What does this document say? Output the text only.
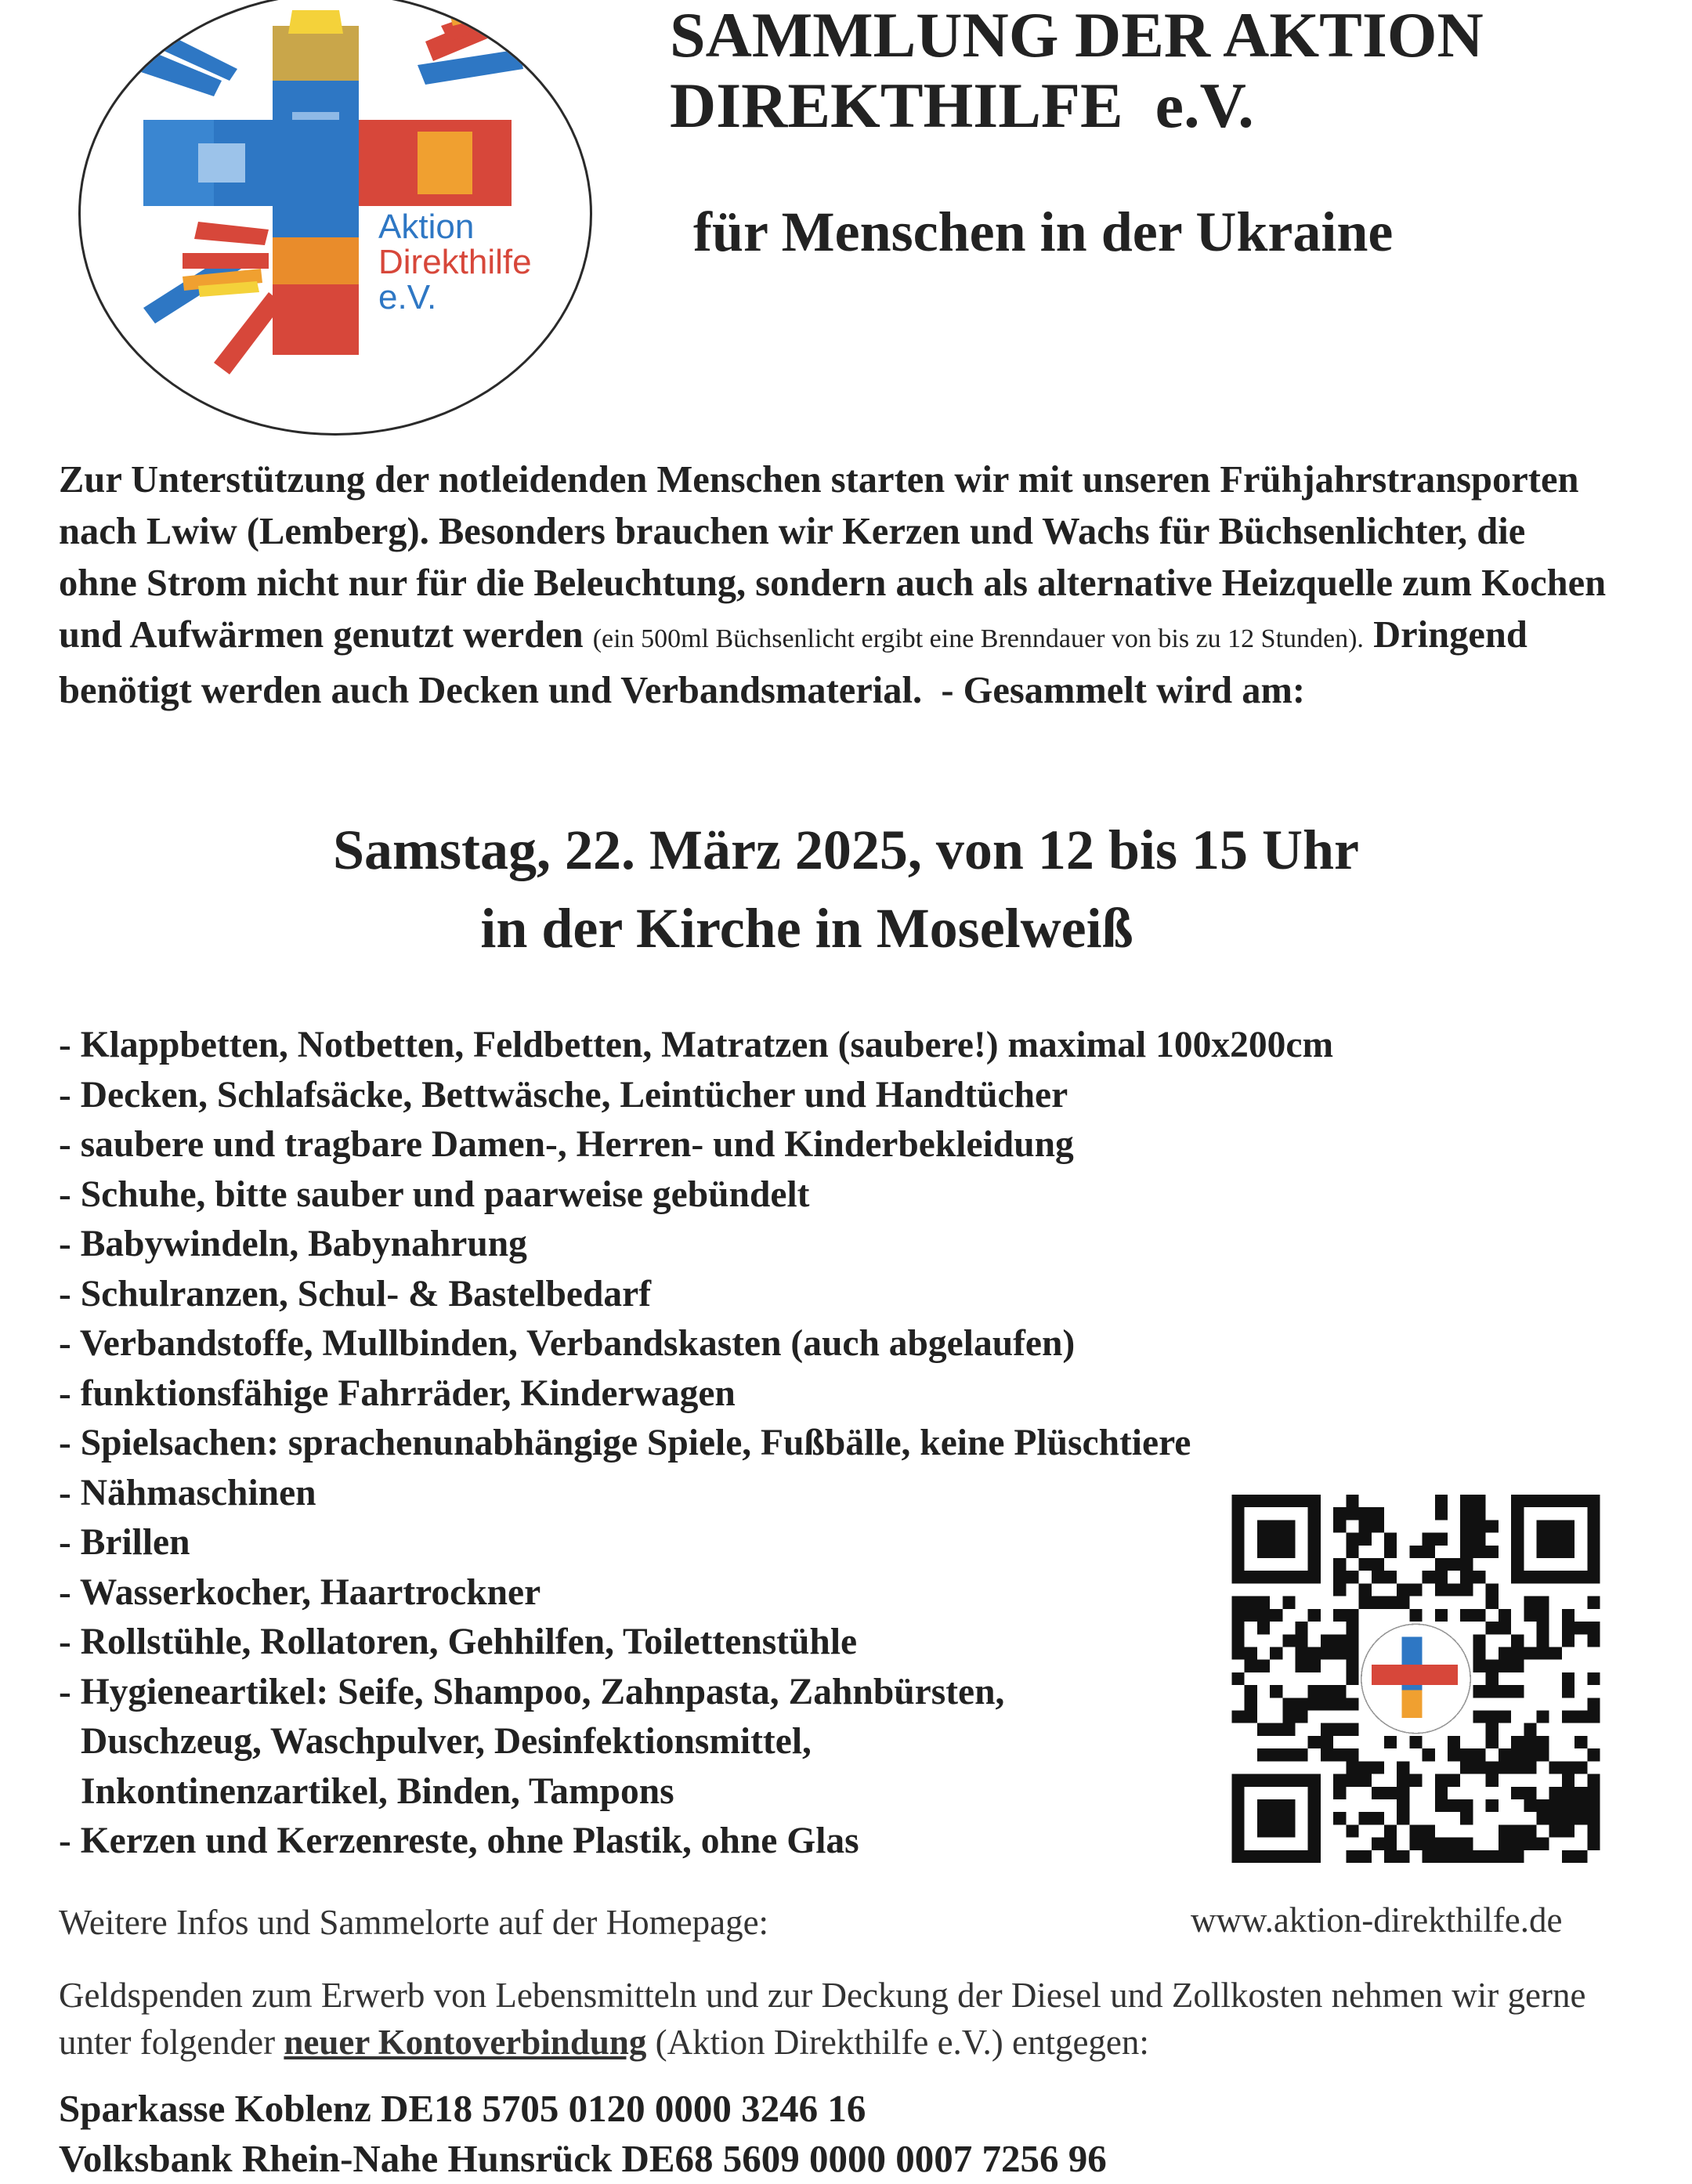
Aktion
Direkthilfe
e.V.
SAMMLUNG DER AKTION
DIREKTHILFE  e.V.
für Menschen in der Ukraine
Zur Unterstützung der notleidenden Menschen starten wir mit unseren Frühjahrstransporten nach Lwiw (Lemberg). Besonders brauchen wir Kerzen und Wachs für Büchsenlichter, die ohne Strom nicht nur für die Beleuchtung, sondern auch als alternative Heizquelle zum Kochen und Aufwärmen genutzt werden (ein 500ml Büchsenlicht ergibt eine Brenndauer von bis zu 12 Stunden). Dringend benötigt werden auch Decken und Verbandsmaterial.  - Gesammelt wird am:
Samstag, 22. März 2025, von 12 bis 15 Uhr
in der Kirche in Moselweiß
- Klappbetten, Notbetten, Feldbetten, Matratzen (saubere!) maximal 100x200cm
- Decken, Schlafsäcke, Bettwäsche, Leintücher und Handtücher
- saubere und tragbare Damen-, Herren- und Kinderbekleidung
- Schuhe, bitte sauber und paarweise gebündelt
- Babywindeln, Babynahrung
- Schulranzen, Schul- & Bastelbedarf
- Verbandstoffe, Mullbinden, Verbandskasten (auch abgelaufen)
- funktionsfähige Fahrräder, Kinderwagen
- Spielsachen: sprachenunabhängige Spiele, Fußbälle, keine Plüschtiere
- Nähmaschinen
- Brillen
- Wasserkocher, Haartrockner
- Rollstühle, Rollatoren, Gehhilfen, Toilettenstühle
- Hygieneartikel: Seife, Shampoo, Zahnpasta, Zahnbürsten,
Duschzeug, Waschpulver, Desinfektionsmittel,
Inkontinenzartikel, Binden, Tampons
- Kerzen und Kerzenreste, ohne Plastik, ohne Glas
Weitere Infos und Sammelorte auf der Homepage:	www.aktion-direkthilfe.de
Geldspenden zum Erwerb von Lebensmitteln und zur Deckung der Diesel und Zollkosten nehmen wir gerne unter folgender neuer Kontoverbindung (Aktion Direkthilfe e.V.) entgegen:
Sparkasse Koblenz DE18 5705 0120 0000 3246 16
Volksbank Rhein-Nahe Hunsrück DE68 5609 0000 0007 7256 96
